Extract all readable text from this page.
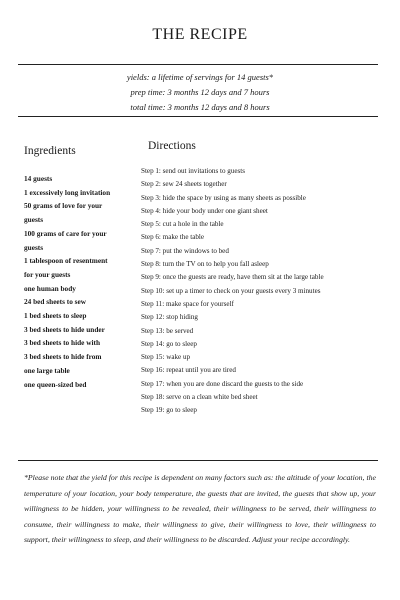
THE RECIPE
yields: a lifetime of servings for 14 guests*
prep time: 3 months 12 days and 7 hours
total time: 3 months 12 days and 8 hours
Ingredients
14 guests
1 excessively long invitation
50 grams of love for your
guests
100 grams of care for your
guests
1 tablespoon of resentment
for your guests
one human body
24 bed sheets to sew
1 bed sheets to sleep
3 bed sheets to hide under
3 bed sheets to hide with
3 bed sheets to hide from
one large table
one queen-sized bed
Directions
Step 1: send out invitations to guests
Step 2: sew 24 sheets together
Step 3: hide the space by using as many sheets as possible
Step 4: hide your body under one giant sheet
Step 5: cut a hole in the table
Step 6: make the table
Step 7: put the windows to bed
Step 8: turn the TV on to help you fall asleep
Step 9: once the guests are ready, have them sit at the large table
Step 10: set up a timer to check on your guests every 3 minutes
Step 11: make space for yourself
Step 12: stop hiding
Step 13: be served
Step 14: go to sleep
Step 15: wake up
Step 16: repeat until you are tired
Step 17: when you are done discard the guests to the side
Step 18: serve on a clean white bed sheet
Step 19: go to sleep
*Please note that the yield for this recipe is dependent on many factors such as: the altitude of your location, the temperature of your location, your body temperature, the guests that are invited, the guests that show up, your willingness to be hidden, your willingness to be revealed, their willingness to be served, their willingness to consume, their willingness to make, their willingness to give, their willingness to love, their willingness to support, their willingness to sleep, and their willingness to be discarded. Adjust your recipe accordingly.
